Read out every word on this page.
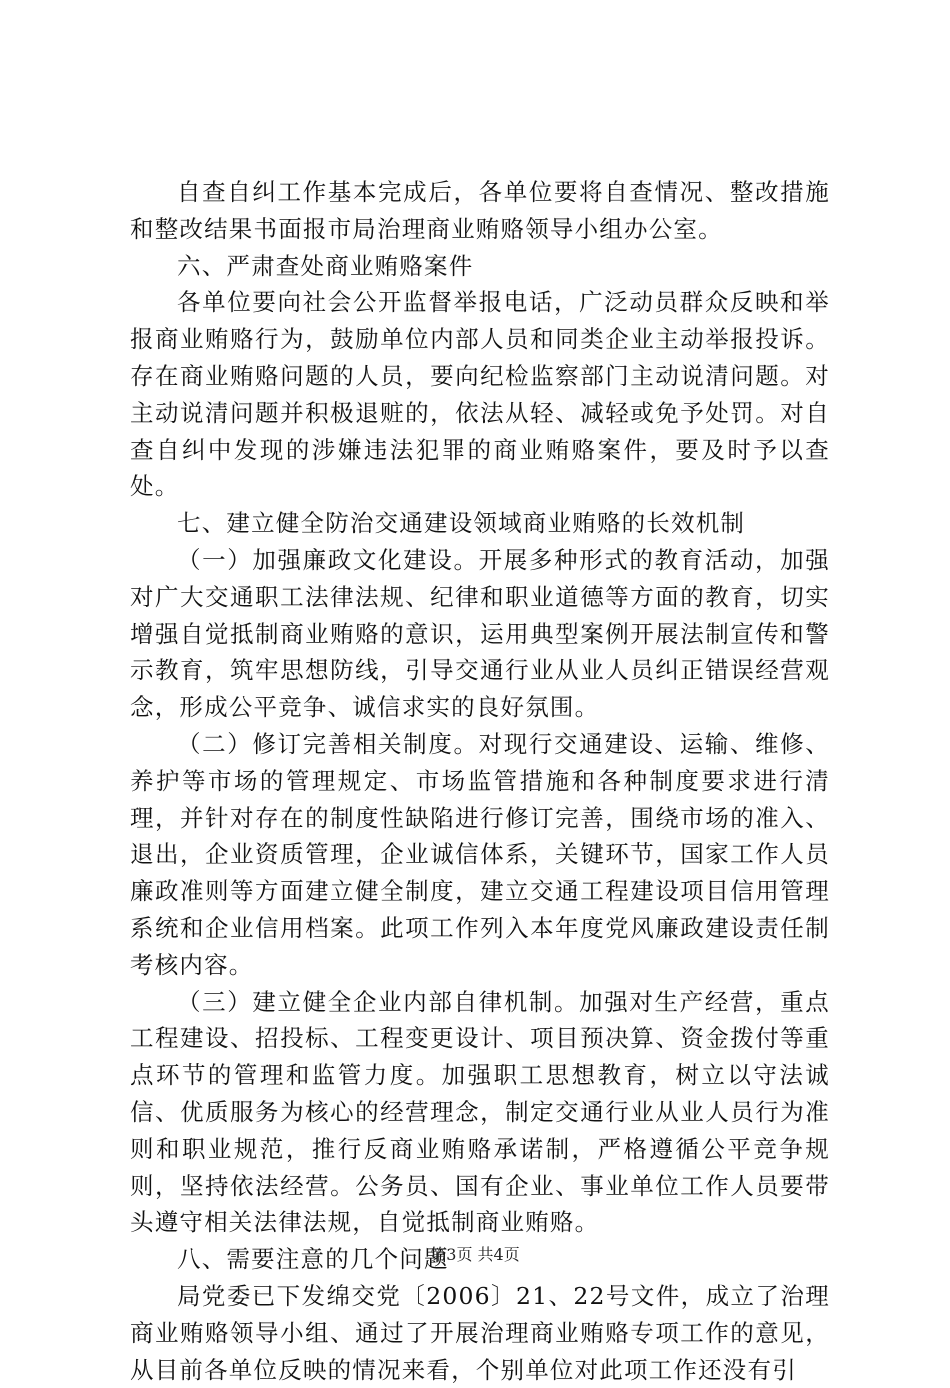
自查自纠工作基本完成后，各单位要将自查情况、整改措施和整改结果书面报市局治理商业贿赂领导小组办公室。

六、严肃查处商业贿赂案件

各单位要向社会公开监督举报电话，广泛动员群众反映和举报商业贿赂行为，鼓励单位内部人员和同类企业主动举报投诉。存在商业贿赂问题的人员，要向纪检监察部门主动说清问题。对主动说清问题并积极退赃的，依法从轻、减轻或免予处罚。对自查自纠中发现的涉嫌违法犯罪的商业贿赂案件，要及时予以查处。

七、建立健全防治交通建设领域商业贿赂的长效机制

（一）加强廉政文化建设。开展多种形式的教育活动，加强对广大交通职工法律法规、纪律和职业道德等方面的教育，切实增强自觉抵制商业贿赂的意识，运用典型案例开展法制宣传和警示教育，筑牢思想防线，引导交通行业从业人员纠正错误经营观念，形成公平竞争、诚信求实的良好氛围。

（二）修订完善相关制度。对现行交通建设、运输、维修、养护等市场的管理规定、市场监管措施和各种制度要求进行清理，并针对存在的制度性缺陷进行修订完善，围绕市场的准入、退出，企业资质管理，企业诚信体系，关键环节，国家工作人员廉政准则等方面建立健全制度，建立交通工程建设项目信用管理系统和企业信用档案。此项工作列入本年度党风廉政建设责任制考核内容。

（三）建立健全企业内部自律机制。加强对生产经营，重点工程建设、招投标、工程变更设计、项目预决算、资金拨付等重点环节的管理和监管力度。加强职工思想教育，树立以守法诚信、优质服务为核心的经营理念，制定交通行业从业人员行为准则和职业规范，推行反商业贿赂承诺制，严格遵循公平竞争规则，坚持依法经营。公务员、国有企业、事业单位工作人员要带头遵守相关法律法规，自觉抵制商业贿赂。

八、需要注意的几个问题

局党委已下发绵交党〔2006〕21、22号文件，成立了治理商业贿赂领导小组、通过了开展治理商业贿赂专项工作的意见，从目前各单位反映的情况来看，个别单位对此项工作还没有引

第3页 共4页
